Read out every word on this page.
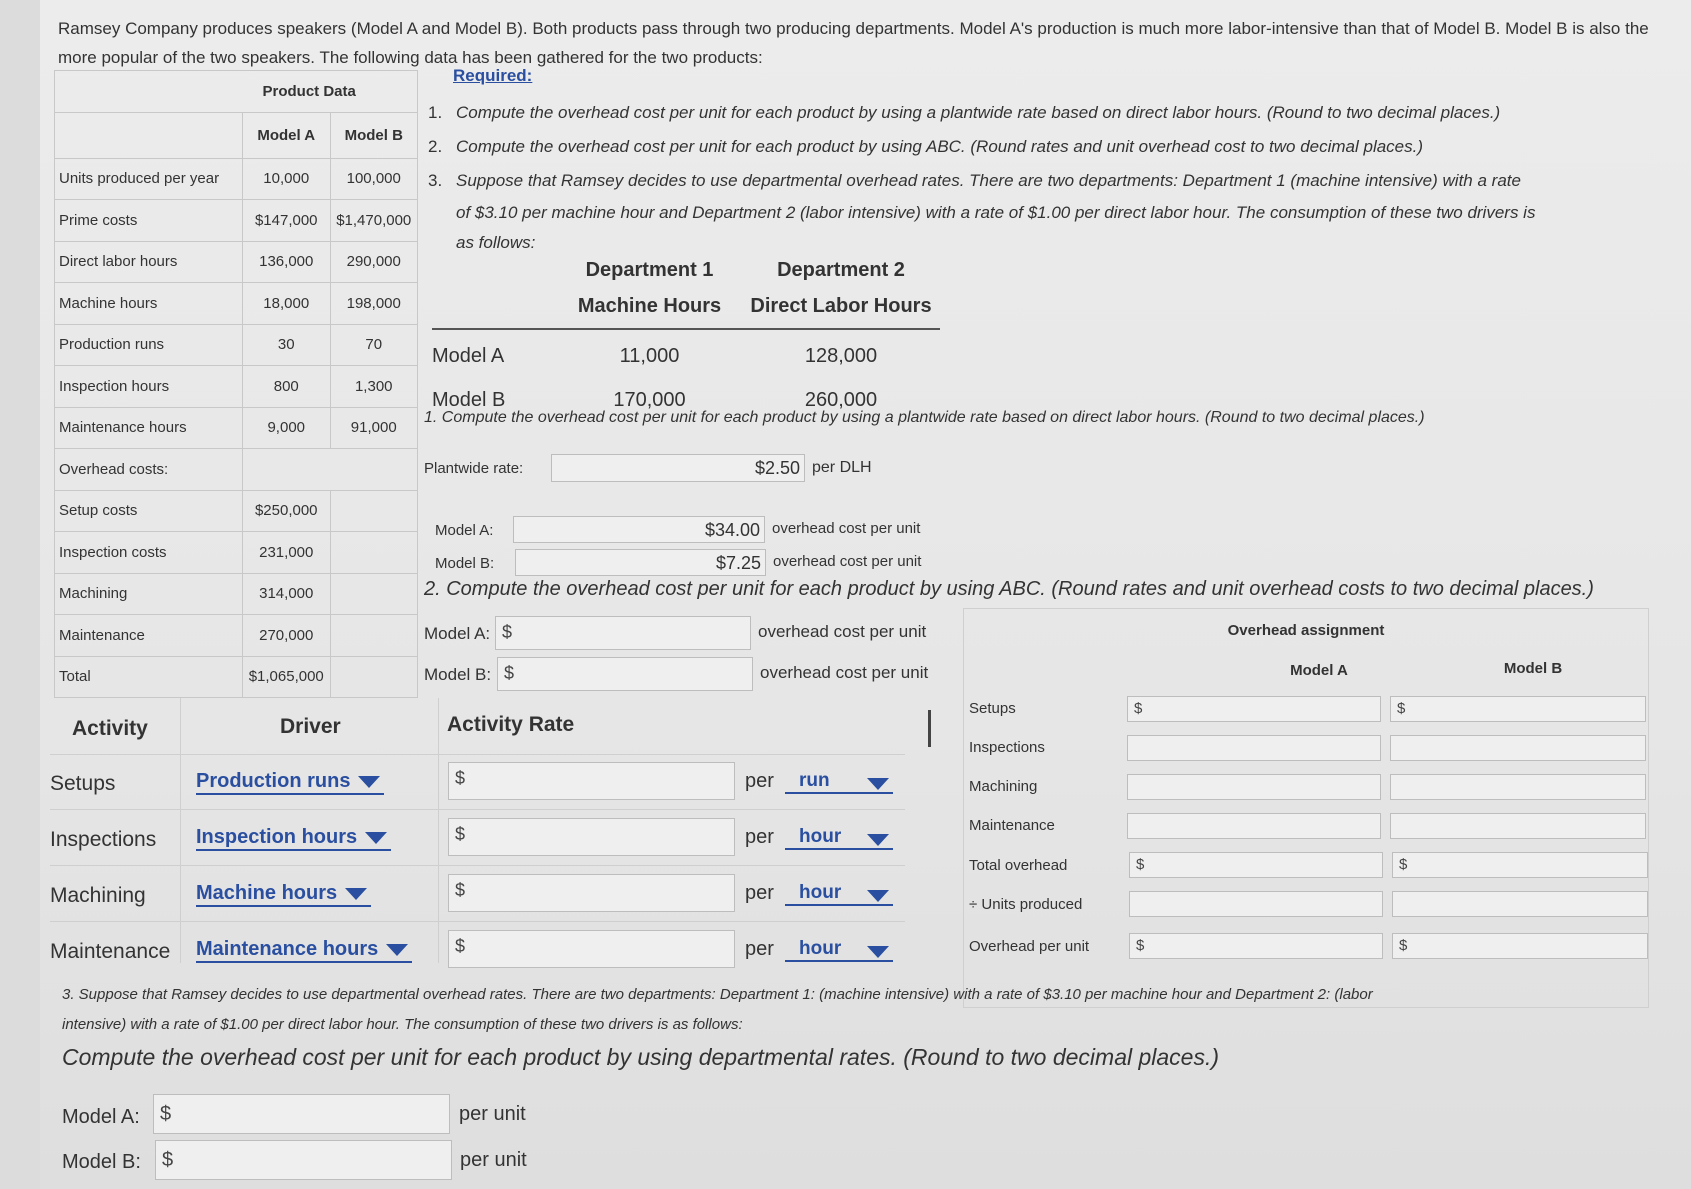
Ramsey Company produces speakers (Model A and Model B). Both products pass through two producing departments. Model A's production is much more labor-intensive than that of Model B. Model B is also the more popular of the two speakers. The following data has been gathered for the two products:
Required:
	Product Data	
	Model A	Model B
Units produced per year	10,000	100,000
Prime costs	$147,000	$1,470,000
Direct labor hours	136,000	290,000
Machine hours	18,000	198,000
Production runs	30	70
Inspection hours	800	1,300
Maintenance hours	9,000	91,000
Overhead costs:		
Setup costs	$250,000	
Inspection costs	231,000	
Machining	314,000	
Maintenance	270,000	
Total	$1,065,000	
1. Compute the overhead cost per unit for each product by using a plantwide rate based on direct labor hours. (Round to two decimal places.)
2. Compute the overhead cost per unit for each product by using ABC. (Round rates and unit overhead cost to two decimal places.)
3. Suppose that Ramsey decides to use departmental overhead rates. There are two departments: Department 1 (machine intensive) with a rate
of $3.10 per machine hour and Department 2 (labor intensive) with a rate of $1.00 per direct labor hour. The consumption of these two drivers is
as follows:
Department 1	Department 2
Machine Hours	Direct Labor Hours
Model A	11,000	128,000
Model B	170,000	260,000
1. Compute the overhead cost per unit for each product by using a plantwide rate based on direct labor hours. (Round to two decimal places.)
Plantwide rate:	$2.50 per DLH
Model A:	$34.00 overhead cost per unit
Model B:	$7.25 overhead cost per unit
2. Compute the overhead cost per unit for each product by using ABC. (Round rates and unit overhead costs to two decimal places.)
Model A: $	overhead cost per unit
Model B: $	overhead cost per unit
Activity	Driver	Activity Rate
Setups	Production runs	$	per	run
Inspections Inspection hours	$	per	hour
Machining	Machine hours	$	per	hour
Maintenance Maintenance hours	$	per	hour
Overhead assignment
Model A	Model B
Setups	$	$
Inspections
Machining
Maintenance
Total overhead	$	$
÷ Units produced
Overhead per unit	$	$
3. Suppose that Ramsey decides to use departmental overhead rates. There are two departments: Department 1: (machine intensive) with a rate of $3.10 per machine hour and Department 2: (labor
intensive) with a rate of $1.00 per direct labor hour. The consumption of these two drivers is as follows:
Compute the overhead cost per unit for each product by using departmental rates. (Round to two decimal places.)
Model A: $	per unit
Model B: $	per unit
